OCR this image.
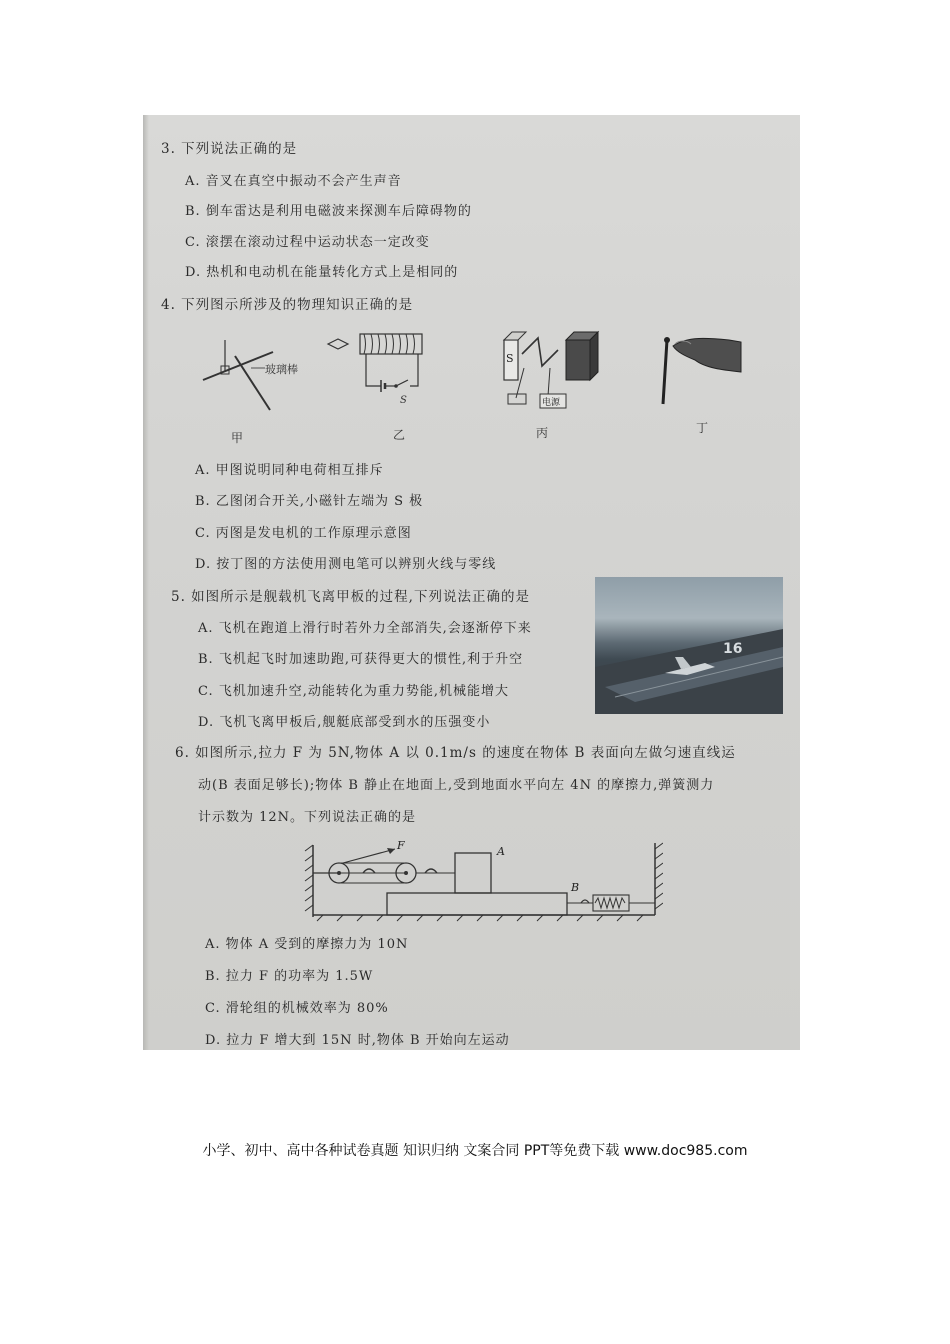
3. 下列说法正确的是
A. 音叉在真空中振动不会产生声音
B. 倒车雷达是利用电磁波来探测车后障碍物的
C. 滚摆在滚动过程中运动状态一定改变
D. 热机和电动机在能量转化方式上是相同的
4. 下列图示所涉及的物理知识正确的是
玻璃棒
S
S
电源
甲	乙	丙	丁
A. 甲图说明同种电荷相互排斥
B. 乙图闭合开关,小磁针左端为 S 极
C. 丙图是发电机的工作原理示意图
D. 按丁图的方法使用测电笔可以辨别火线与零线
5. 如图所示是舰载机飞离甲板的过程,下列说法正确的是
A. 飞机在跑道上滑行时若外力全部消失,会逐渐停下来
B. 飞机起飞时加速助跑,可获得更大的惯性,利于升空
C. 飞机加速升空,动能转化为重力势能,机械能增大
D. 飞机飞离甲板后,舰艇底部受到水的压强变小
16
6. 如图所示,拉力 F 为 5N,物体 A 以 0.1m/s 的速度在物体 B 表面向左做匀速直线运
动(B 表面足够长);物体 B 静止在地面上,受到地面水平向左 4N 的摩擦力,弹簧测力
计示数为 12N。下列说法正确的是
F	A
B
A. 物体 A 受到的摩擦力为 10N
B. 拉力 F 的功率为 1.5W
C. 滑轮组的机械效率为 80%
D. 拉力 F 增大到 15N 时,物体 B 开始向左运动
小学、初中、高中各种试卷真题 知识归纳 文案合同 PPT等免费下载 www.doc985.com
